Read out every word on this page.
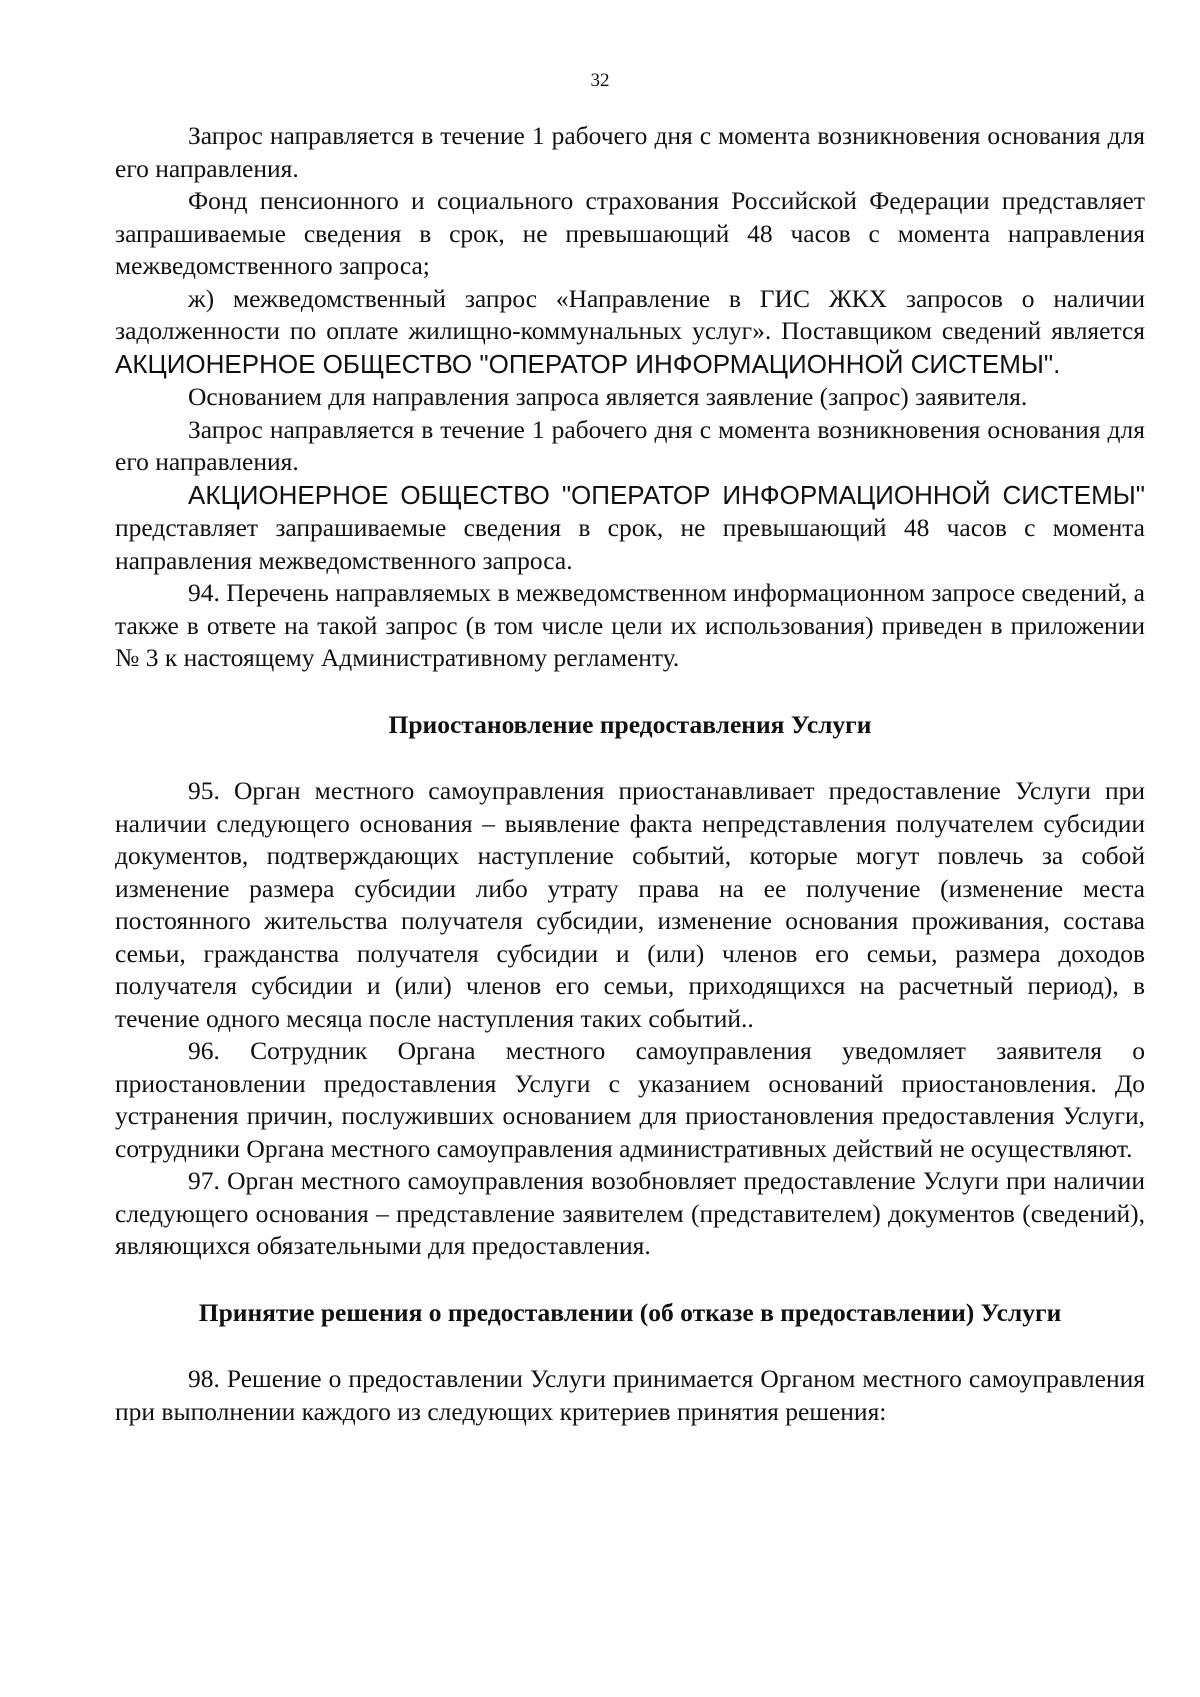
32

Запрос направляется в течение 1 рабочего дня с момента возникновения основания для его направления.

Фонд пенсионного и социального страхования Российской Федерации представляет запрашиваемые сведения в срок, не превышающий 48 часов с момента направления межведомственного запроса;

ж) межведомственный запрос «Направление в ГИС ЖКХ запросов о наличии задолженности по оплате жилищно-коммунальных услуг». Поставщиком сведений является АКЦИОНЕРНОЕ ОБЩЕСТВО "ОПЕРАТОР ИНФОРМАЦИОННОЙ СИСТЕМЫ".

Основанием для направления запроса является заявление (запрос) заявителя.

Запрос направляется в течение 1 рабочего дня с момента возникновения основания для его направления.

АКЦИОНЕРНОЕ ОБЩЕСТВО "ОПЕРАТОР ИНФОРМАЦИОННОЙ СИСТЕМЫ" представляет запрашиваемые сведения в срок, не превышающий 48 часов с момента направления межведомственного запроса.

94. Перечень направляемых в межведомственном информационном запросе сведений, а также в ответе на такой запрос (в том числе цели их использования) приведен в приложении № 3 к настоящему Административному регламенту.

Приостановление предоставления Услуги

95. Орган местного самоуправления приостанавливает предоставление Услуги при наличии следующего основания – выявление факта непредставления получателем субсидии документов, подтверждающих наступление событий, которые могут повлечь за собой изменение размера субсидии либо утрату права на ее получение (изменение места постоянного жительства получателя субсидии, изменение основания проживания, состава семьи, гражданства получателя субсидии и (или) членов его семьи, размера доходов получателя субсидии и (или) членов его семьи, приходящихся на расчетный период), в течение одного месяца после наступления таких событий..

96. Сотрудник Органа местного самоуправления уведомляет заявителя о приостановлении предоставления Услуги с указанием оснований приостановления. До устранения причин, послуживших основанием для приостановления предоставления Услуги, сотрудники Органа местного самоуправления административных действий не осуществляют.

97. Орган местного самоуправления возобновляет предоставление Услуги при наличии следующего основания – представление заявителем (представителем) документов (сведений), являющихся обязательными для предоставления.

Принятие решения о предоставлении (об отказе в предоставлении) Услуги

98. Решение о предоставлении Услуги принимается Органом местного самоуправления при выполнении каждого из следующих критериев принятия решения:
